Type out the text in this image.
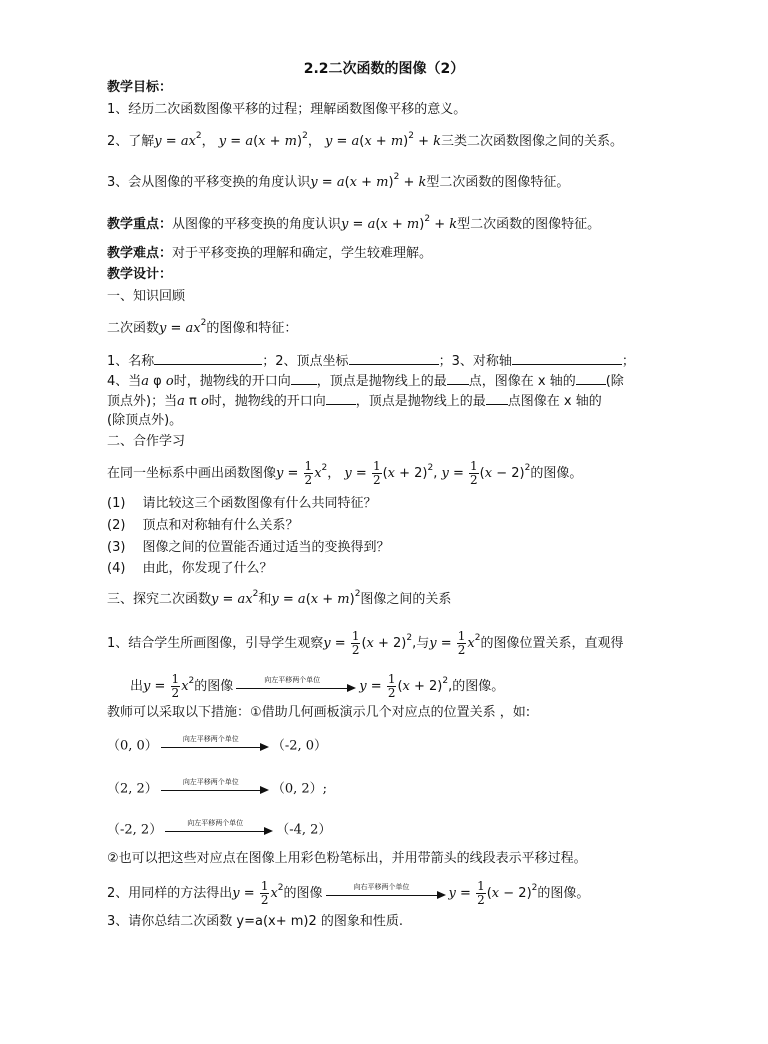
2.2二次函数的图像（2）
教学目标：
1、经历二次函数图像平移的过程；理解函数图像平移的意义。
2、了解$y = ax^2$， $y = a(x + m)^2$， $y = a(x + m)^2 + k$三类二次函数图像之间的关系。
3、会从图像的平移变换的角度认识$y = a(x + m)^2 + k$型二次函数的图像特征。
教学重点：从图像的平移变换的角度认识$y = a(x + m)^2 + k$型二次函数的图像特征。
教学难点：对于平移变换的理解和确定，学生较难理解。
教学设计：
一、知识回顾
二次函数$y = ax^2$的图像和特征：
1、名称	；2、顶点坐标	；3、对称轴	；
4、当a φ o时，抛物线的开口向 ，顶点是抛物线上的最 点，图像在 x 轴的 (除
顶点外)；当a π o时，抛物线的开口向 ，顶点是抛物线上的最 点图像在 x 轴的
(除顶点外)。
二、合作学习
在同一坐标系中画出函数图像$y = \frac{1}{2} x^2$， $y = \frac{1}{2} (x + 2)^2$, $y = \frac{1}{2} (x - 2)^2$的图像。
(1)　 请比较这三个函数图像有什么共同特征？
(2)　 顶点和对称轴有什么关系？
(3)　 图像之间的位置能否通过适当的变换得到？
(4)　 由此，你发现了什么？
三、探究二次函数$y = ax^2$和$y = a(x + m)^2$图像之间的关系
1、结合学生所画图像，引导学生观察$y = \frac{1}{2} (x + 2)^2$,与$y = \frac{1}{2} x^2$的图像位置关系，直观得
出$y = \frac{1}{2} x^2$的图像	向左平移两个单位	$y = \frac{1}{2} (x + 2)^2$,的图像。
教师可以采取以下措施：①借助几何画板演示几个对应点的位置关系 ，如:
（0, 0）	向左平移两个单位	（-2, 0）
（2, 2）	向左平移两个单位	（0, 2）;
（-2, 2）	向左平移两个单位	（-4, 2）
②也可以把这些对应点在图像上用彩色粉笔标出，并用带箭头的线段表示平移过程。
2、用同样的方法得出$y = \frac{1}{2} x^2$的图像	向右平移两个单位	$y = \frac{1}{2} (x - 2)^2$的图像。
3、请你总结二次函数 y=a(x+ m)2 的图象和性质.
